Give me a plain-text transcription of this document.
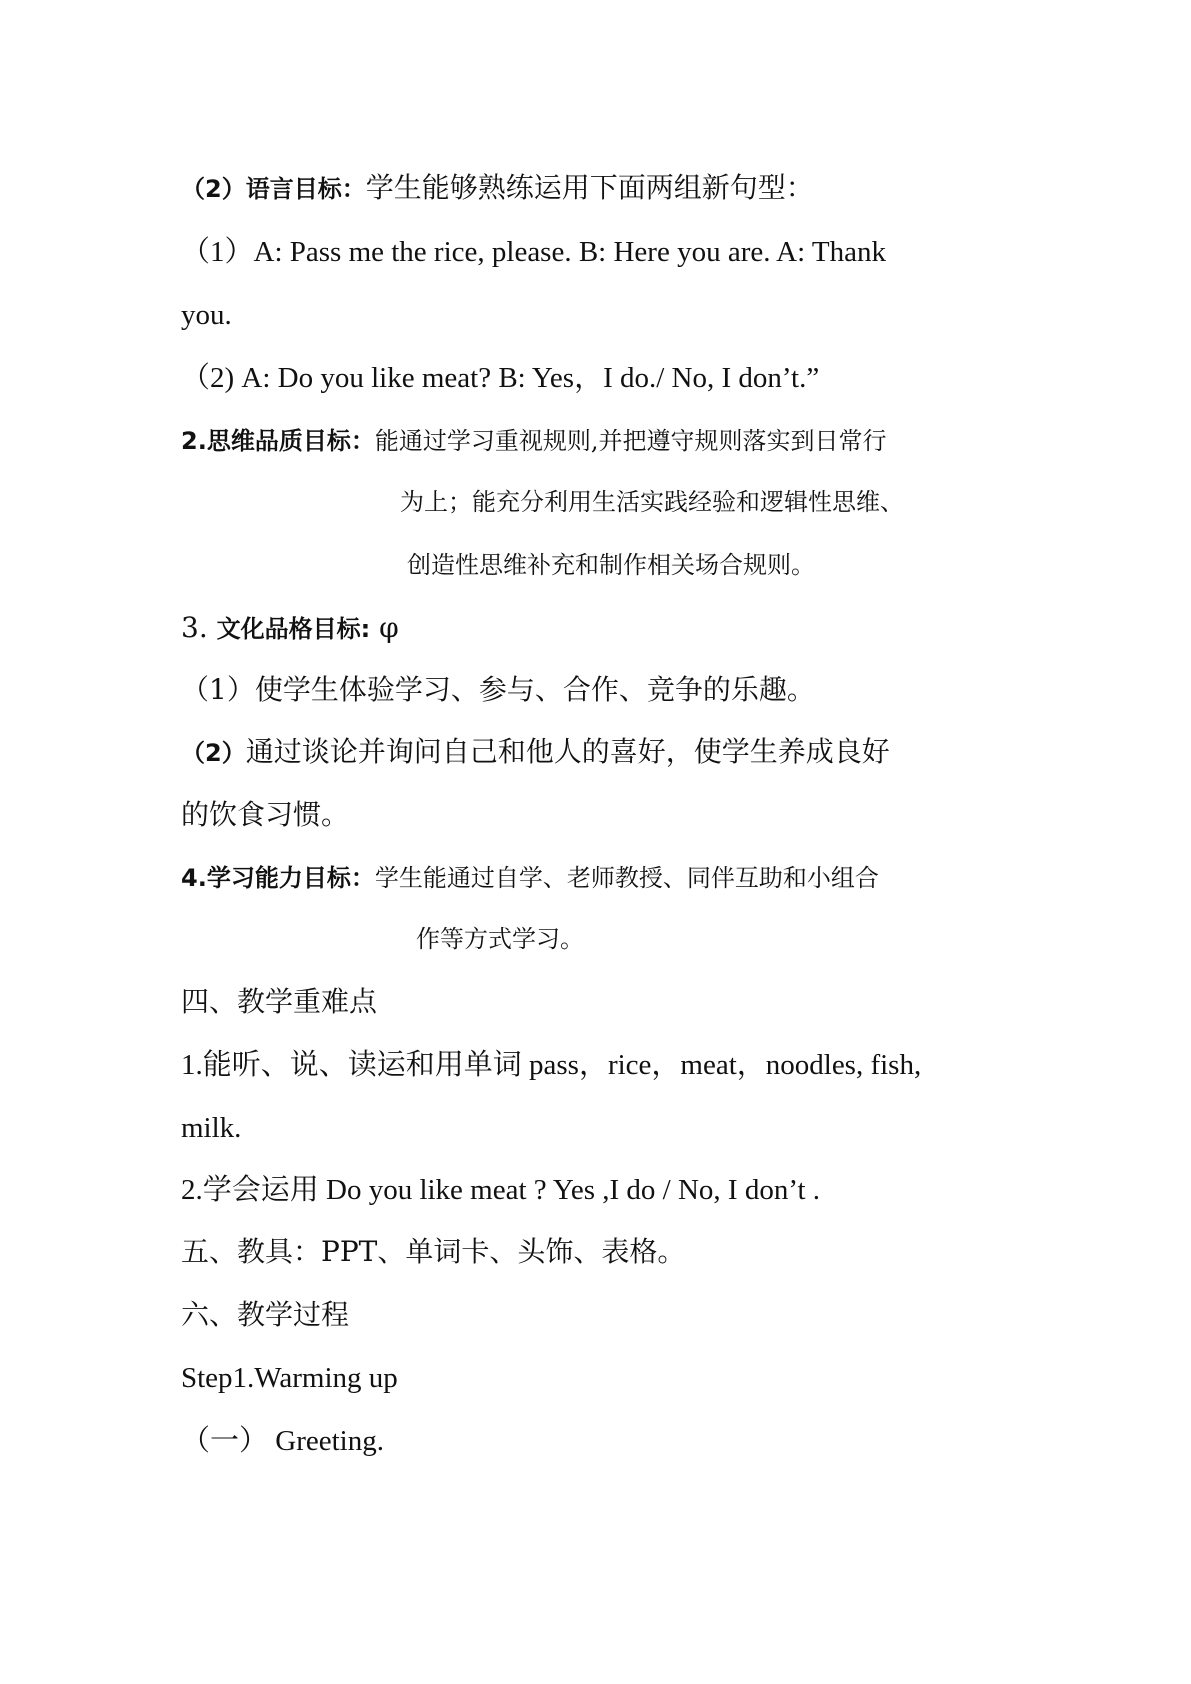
（2）语言目标：学生能够熟练运用下面两组新句型：
（1）A: Pass me the rice, please. B: Here you are. A: Thank
you.
（2) A: Do you like meat? B: Yes，I do./ No, I don’t.”
2.思维品质目标：能通过学习重视规则,并把遵守规则落实到日常行
为上；能充分利用生活实践经验和逻辑性思维、
创造性思维补充和制作相关场合规则。
3. 文化品格目标: φ
（1）使学生体验学习、参与、合作、竞争的乐趣。
（2）通过谈论并询问自己和他人的喜好，使学生养成良好
的饮食习惯。
4.学习能力目标：学生能通过自学、老师教授、同伴互助和小组合
作等方式学习。
四、教学重难点
1.能听、说、读运和用单词 pass，rice，meat，noodles, fish,
milk.
2.学会运用 Do you like meat ? Yes ,I do / No, I don’t .
五、教具：PPT、单词卡、头饰、表格。
六、教学过程
Step1.Warming up
（一） Greeting.
